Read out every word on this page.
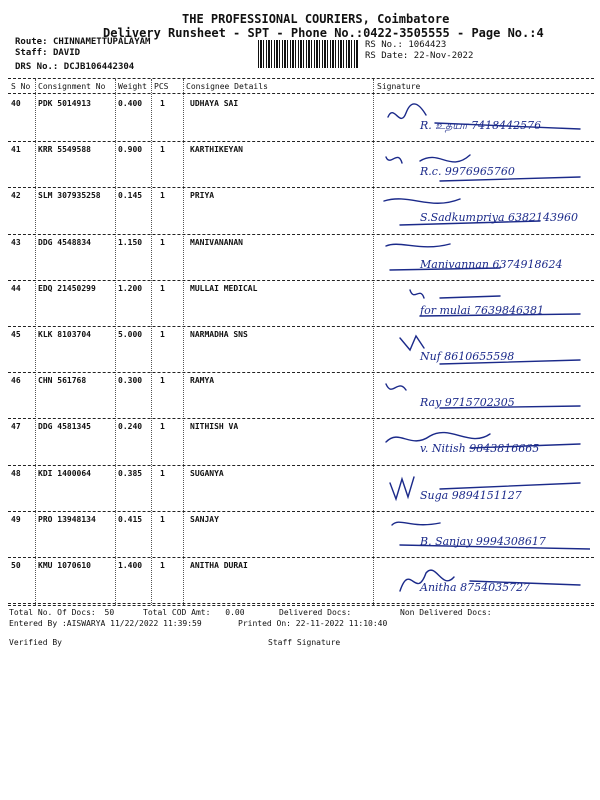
THE PROFESSIONAL COURIERS, Coimbatore
Delivery Runsheet - SPT - Phone No.:0422-3505555 - Page No.:4
Route: CHINNAMETTUPALAYAM
Staff: DAVID
DRS No.: DCJB106442304
RS No.: 1064423
RS Date: 22-Nov-2022
S No Consignment No Weight PCS Consignee Details	Signature
40 PDK 5014913	0.400 1	UDHAYA SAI
R. உதயா 7418442576
41 KRR 5549588	0.900 1	KARTHIKEYAN
R.c. 9976965760
42 SLM 307935258 0.145 1	PRIYA
S.Sadkumpriya 6382143960
43 DDG 4548834	1.150 1	MANIVANANAN
Manivannan 6374918624
44 EDQ 21450299	1.200 1	MULLAI MEDICAL
for mulai 7639846381
45 KLK 8103704	5.000 1	NARMADHA SNS
Nuf 8610655598
46 CHN 561768	0.300 1	RAMYA
Ray 9715702305
47 DDG 4581345	0.240 1	NITHISH VA
v. Nitish 9843816665
48 KDI 1400064	0.385 1	SUGANYA
Suga 9894151127
49 PRO 13948134	0.415 1	SANJAY
B. Sanjay 9994308617
50 KMU 1070610	1.400 1	ANITHA DURAI
Anitha 8754035727
Total No. Of Docs: 50	Total COD Amt: 0.00	Delivered Docs:	Non Delivered Docs:
Entered By :AISWARYA 11/22/2022 11:39:59	Printed On: 22-11-2022 11:10:40
Verified By	Staff Signature
